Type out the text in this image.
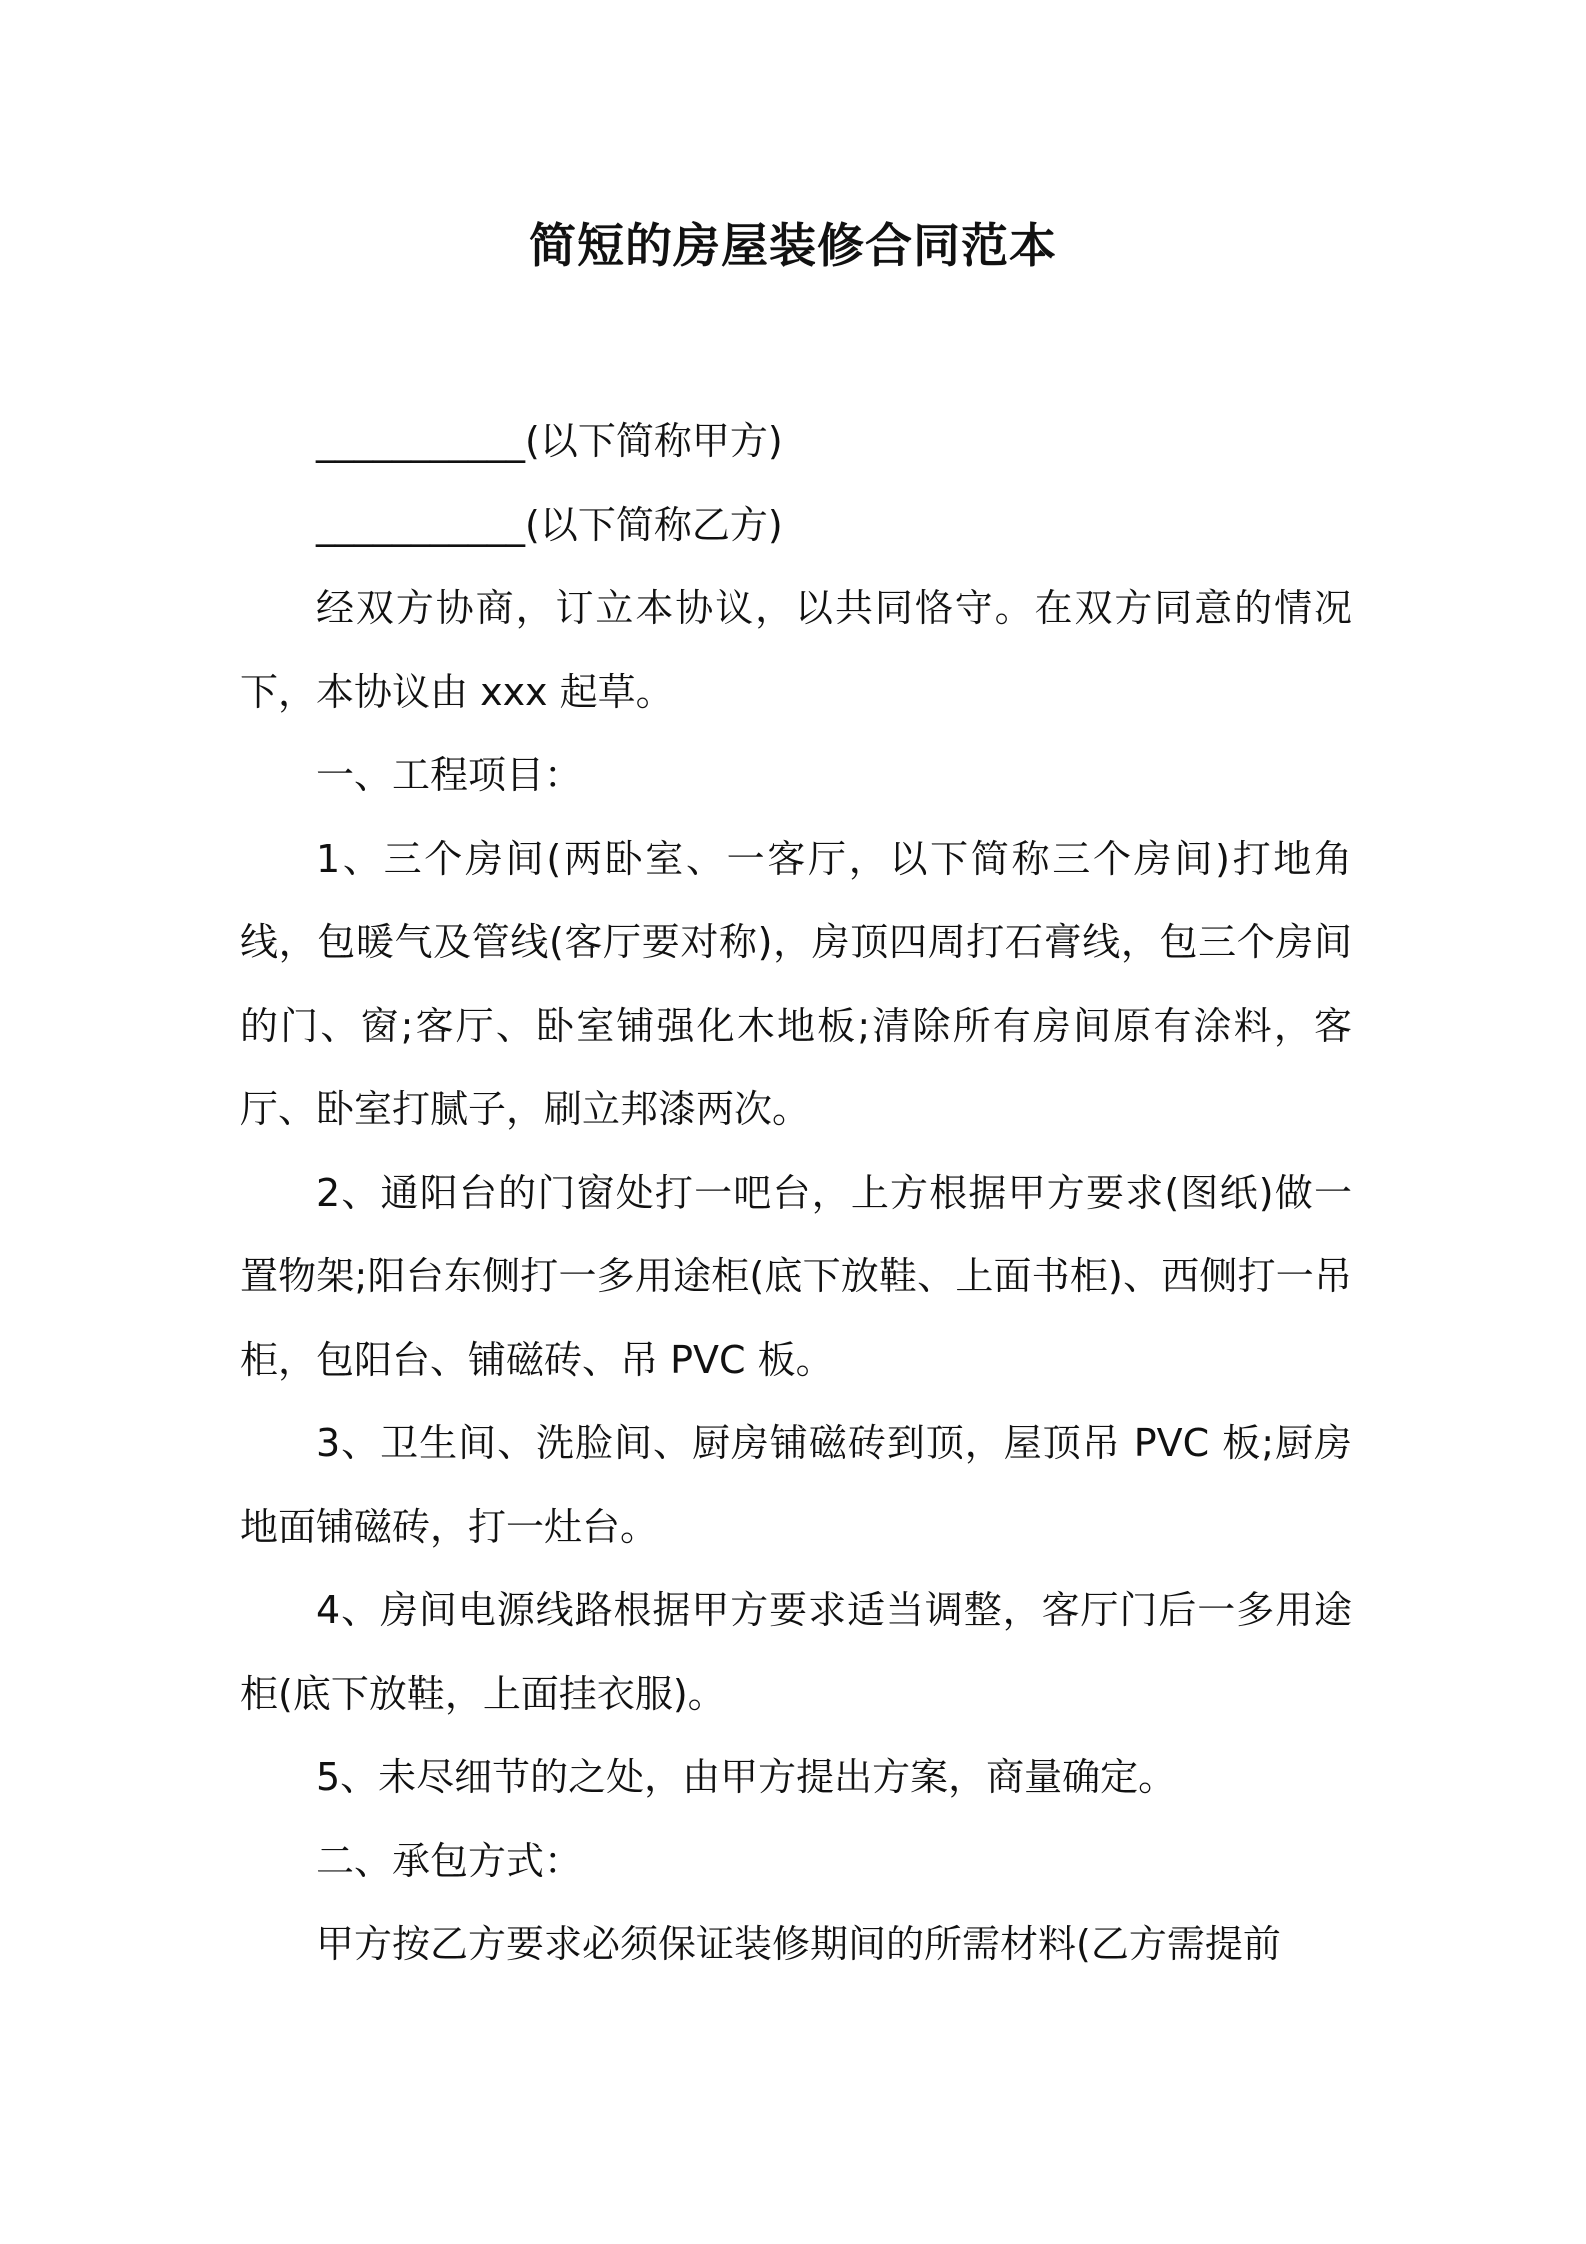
简短的房屋装修合同范本

___________(以下简称甲方)

___________(以下简称乙方)

经双方协商，订立本协议，以共同恪守。在双方同意的情况下，本协议由 xxx 起草。

一、工程项目：

1、三个房间(两卧室、一客厅，以下简称三个房间)打地角线，包暖气及管线(客厅要对称)，房顶四周打石膏线，包三个房间的门、窗;客厅、卧室铺强化木地板;清除所有房间原有涂料，客厅、卧室打腻子，刷立邦漆两次。

2、通阳台的门窗处打一吧台，上方根据甲方要求(图纸)做一置物架;阳台东侧打一多用途柜(底下放鞋、上面书柜)、西侧打一吊柜，包阳台、铺磁砖、吊 PVC 板。

3、卫生间、洗脸间、厨房铺磁砖到顶，屋顶吊 PVC 板;厨房地面铺磁砖，打一灶台。

4、房间电源线路根据甲方要求适当调整，客厅门后一多用途柜(底下放鞋，上面挂衣服)。

5、未尽细节的之处，由甲方提出方案，商量确定。

二、承包方式：

甲方按乙方要求必须保证装修期间的所需材料(乙方需提前
